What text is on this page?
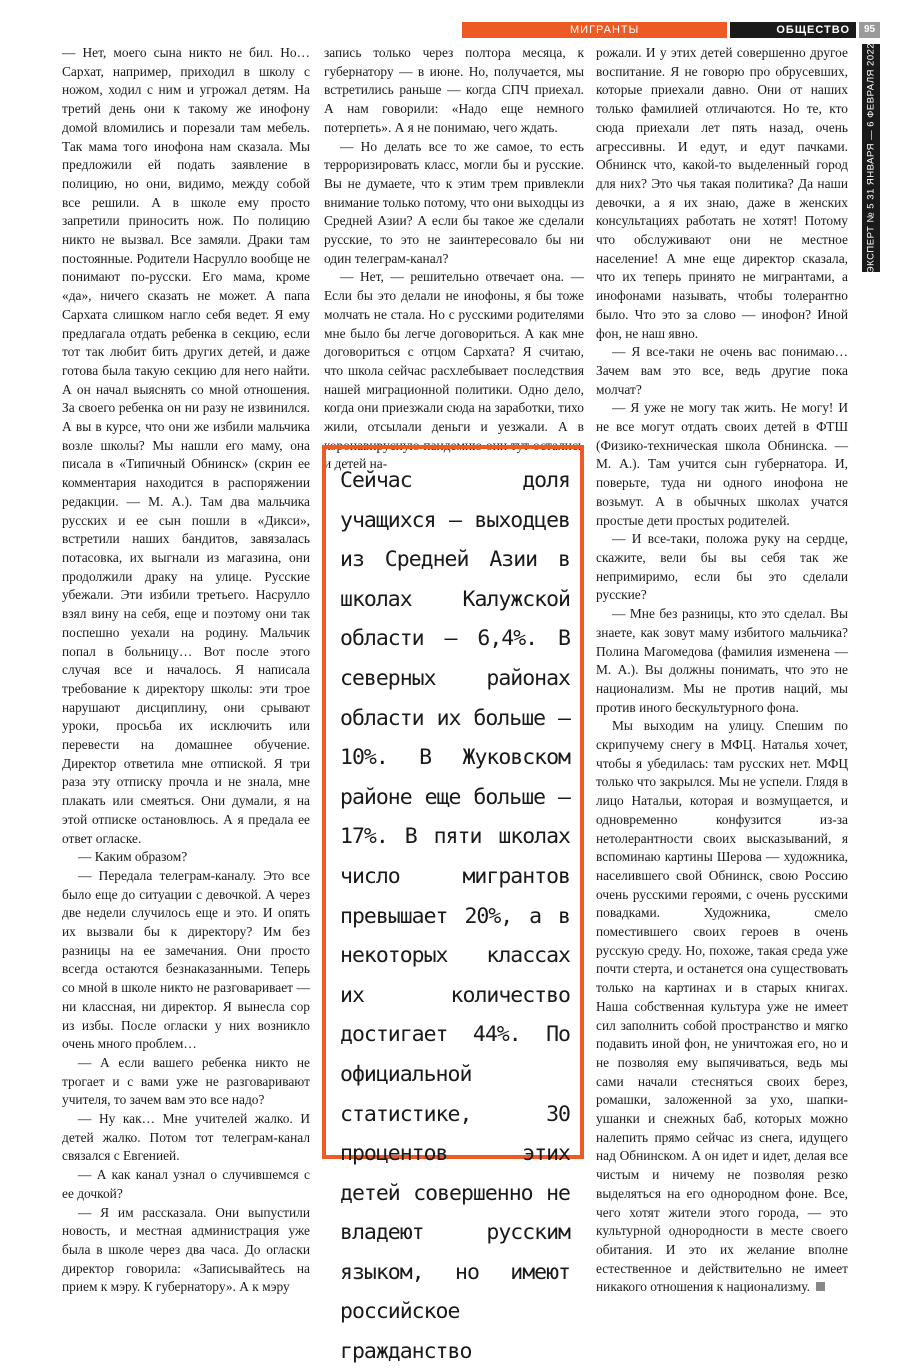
МИГРАНТЫ	ОБЩЕСТВО	95
ЭКСПЕРТ № 5 31 ЯНВАРЯ — 6 ФЕВРАЛЯ 2022

— Нет, моего сына никто не бил. Но… Сархат, например, приходил в школу с ножом, ходил с ним и угрожал детям. На третий день они к такому же инофону домой вломились и порезали там мебель. Так мама того инофона нам сказала. Мы предложили ей подать заявление в полицию, но они, видимо, между собой все решили. А в школе ему просто запретили приносить нож. По полицию никто не вызвал. Все замяли. Драки там постоянные. Родители Насрулло вообще не понимают по-русски. Его мама, кроме «да», ничего сказать не может. А папа Сархата слишком нагло себя ведет. Я ему предлагала отдать ребенка в секцию, если тот так любит бить других детей, и даже готова была такую секцию для него найти. А он начал выяснять со мной отношения. За своего ребенка он ни разу не извинился. А вы в курсе, что они же избили мальчика возле школы? Мы нашли его маму, она писала в «Типичный Обнинск» (скрин ее комментария находится в распоряжении редакции. — М. А.). Там два мальчика русских и ее сын пошли в «Дикси», встретили наших бандитов, завязалась потасовка, их выгнали из магазина, они продолжили драку на улице. Русские убежали. Эти избили третьего. Насрулло взял вину на себя, еще и поэтому они так поспешно уехали на родину. Мальчик попал в больницу… Вот после этого случая все и началось. Я написала требование к директору школы: эти трое нарушают дисциплину, они срывают уроки, просьба их исключить или перевести на домашнее обучение. Директор ответила мне отпиской. Я три раза эту отписку прочла и не знала, мне плакать или смеяться. Они думали, я на этой отписке остановлюсь. А я предала ее ответ огласке.

— Каким образом?

— Передала телеграм-каналу. Это все было еще до ситуации с девочкой. А через две недели случилось еще и это. И опять их вызвали бы к директору? Им без разницы на ее замечания. Они просто всегда остаются безнаказанными. Теперь со мной в школе никто не разговаривает — ни классная, ни директор. Я вынесла сор из избы. После огласки у них возникло очень много проблем…

— А если вашего ребенка никто не трогает и с вами уже не разговаривают учителя, то зачем вам это все надо?

— Ну как… Мне учителей жалко. И детей жалко. Потом тот телеграм-канал связался с Евгенией.

— А как канал узнал о случившемся с ее дочкой?

— Я им рассказала. Они выпустили новость, и местная администрация уже была в школе через два часа. До огласки директор говорила: «Записывайтесь на прием к мэру. К губернатору». А к мэру

запись только через полтора месяца, к губернатору — в июне. Но, получается, мы встретились раньше — когда СПЧ приехал. А нам говорили: «Надо еще немного потерпеть». А я не понимаю, чего ждать.

— Но делать все то же самое, то есть терроризировать класс, могли бы и русские. Вы не думаете, что к этим трем привлекли внимание только потому, что они выходцы из Средней Азии? А если бы такое же сделали русские, то это не заинтересовало бы ни один телеграм-канал?

— Нет, — решительно отвечает она. — Если бы это делали не инофоны, я бы тоже молчать не стала. Но с русскими родителями мне было бы легче договориться. А как мне договориться с отцом Сархата? Я считаю, что школа сейчас расхлебывает последствия нашей миграционной политики. Одно дело, когда они приезжали сюда на заработки, тихо жили, отсылали деньги и уезжали. А в коронавирусную пандемию они тут остались и детей на-

Сейчас доля учащихся — выходцев из Средней Азии в школах Калужской области — 6,4%. В северных районах области их больше — 10%. В Жуковском районе еще больше — 17%. В пяти школах число мигрантов превышает 20%, а в некоторых классах их количество достигает 44%. По официальной статистике, 30 процентов этих детей совершенно не владеют русским языком, но имеют российское гражданство

рожали. И у этих детей совершенно другое воспитание. Я не говорю про обрусевших, которые приехали давно. Они от наших только фамилией отличаются. Но те, кто сюда приехали лет пять назад, очень агрессивны. И едут, и едут пачками. Обнинск что, какой-то выделенный город для них? Это чья такая политика? Да наши девочки, а я их знаю, даже в женских консультациях работать не хотят! Потому что обслуживают они не местное население! А мне еще директор сказала, что их теперь принято не мигрантами, а инофонами называть, чтобы толерантно было. Что это за слово — инофон? Иной фон, не наш явно.

— Я все-таки не очень вас понимаю… Зачем вам это все, ведь другие пока молчат?

— Я уже не могу так жить. Не могу! И не все могут отдать своих детей в ФТШ (Физико-техническая школа Обнинска. — М. А.). Там учится сын губернатора. И, поверьте, туда ни одного инофона не возьмут. А в обычных школах учатся простые дети простых родителей.

— И все-таки, положа руку на сердце, скажите, вели бы вы себя так же непримиримо, если бы это сделали русские?

— Мне без разницы, кто это сделал. Вы знаете, как зовут маму избитого мальчика? Полина Магомедова (фамилия изменена — М. А.). Вы должны понимать, что это не национализм. Мы не против наций, мы против иного бескультурного фона.

Мы выходим на улицу. Спешим по скрипучему снегу в МФЦ. Наталья хочет, чтобы я убедилась: там русских нет. МФЦ только что закрылся. Мы не успели. Глядя в лицо Натальи, которая и возмущается, и одновременно конфузится из-за нетолерантности своих высказываний, я вспоминаю картины Шерова — художника, населившего свой Обнинск, свою Россию очень русскими героями, с очень русскими повадками. Художника, смело поместившего своих героев в очень русскую среду. Но, похоже, такая среда уже почти стерта, и останется она существовать только на картинах и в старых книгах. Наша собственная культура уже не имеет сил заполнить собой пространство и мягко подавить иной фон, не уничтожая его, но и не позволяя ему выпячиваться, ведь мы сами начали стесняться своих берез, ромашки, заложенной за ухо, шапки-ушанки и снежных баб, которых можно налепить прямо сейчас из снега, идущего над Обнинском. А он идет и идет, делая все чистым и ничему не позволяя резко выделяться на его однородном фоне. Все, чего хотят жители этого города, — это культурной однородности в месте своего обитания. И это их желание вполне естественное и действительно не имеет никакого отношения к национализму.
